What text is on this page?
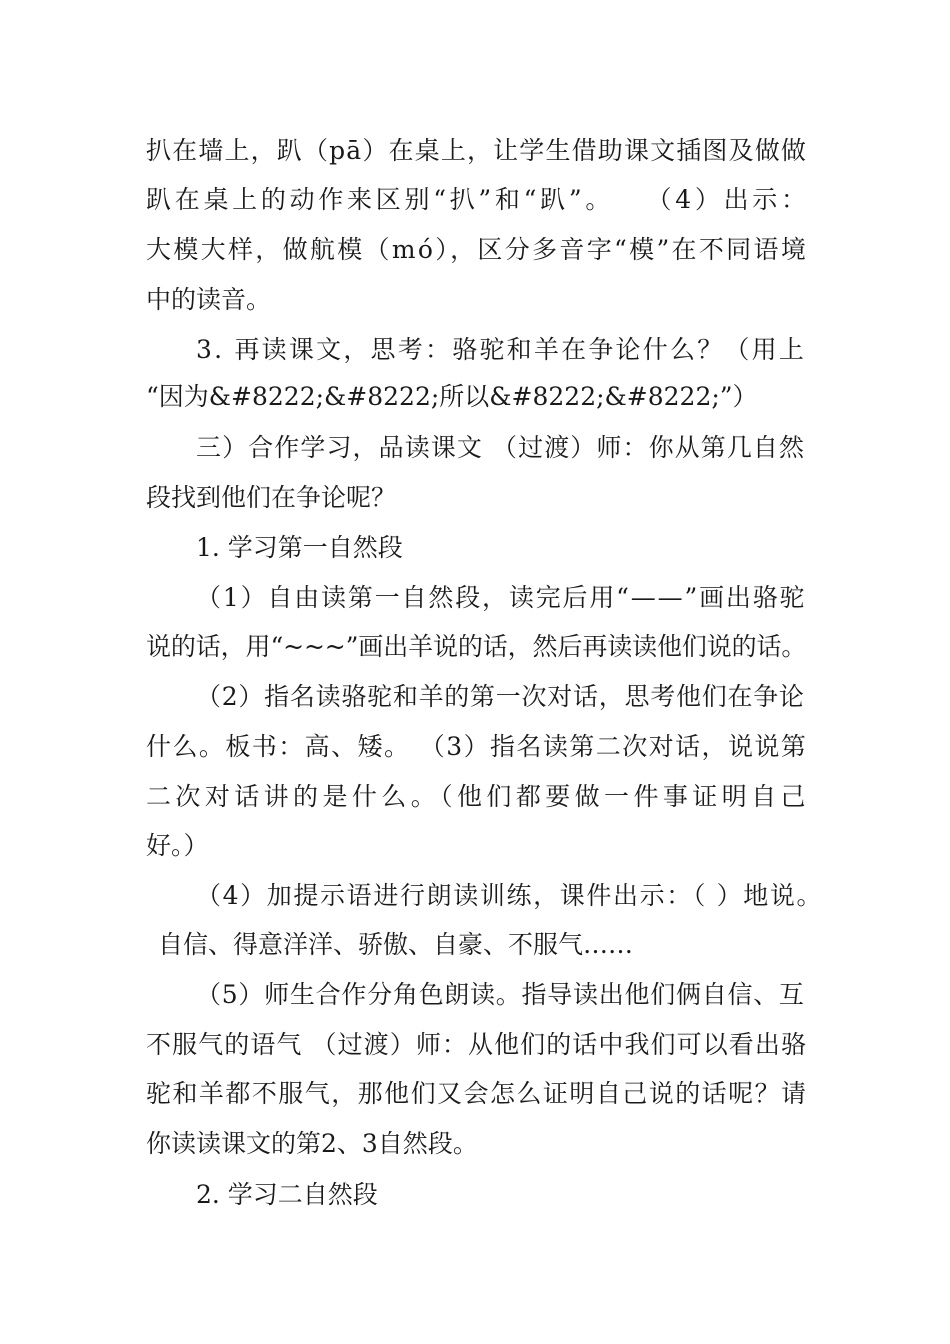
扒在墙上，趴（pā）在桌上，让学生借助课文插图及做做
趴在桌上的动作来区别“扒”和“趴”。　　（4）出示：
大模大样，做航模（mó），区分多音字“模”在不同语境
中的读音。
3. 再读课文，思考：骆驼和羊在争论什么？（用上
“因为&#8222;&#8222;所以&#8222;&#8222;”）
三）合作学习，品读课文 （过渡）师：你从第几自然
段找到他们在争论呢？
1. 学习第一自然段
（1）自由读第一自然段，读完后用“——”画出骆驼
说的话，用“~~~”画出羊说的话，然后再读读他们说的话。
（2）指名读骆驼和羊的第一次对话，思考他们在争论
什么。板书：高、矮。 （3）指名读第二次对话，说说第
二次对话讲的是什么。（他们都要做一件事证明自己
好。）
（4）加提示语进行朗读训练，课件出示：（ ）地说。
自信、得意洋洋、骄傲、自豪、不服气……
（5）师生合作分角色朗读。指导读出他们俩自信、互
不服气的语气 （过渡）师：从他们的话中我们可以看出骆
驼和羊都不服气，那他们又会怎么证明自己说的话呢？请
你读读课文的第2、3自然段。
2. 学习二自然段
